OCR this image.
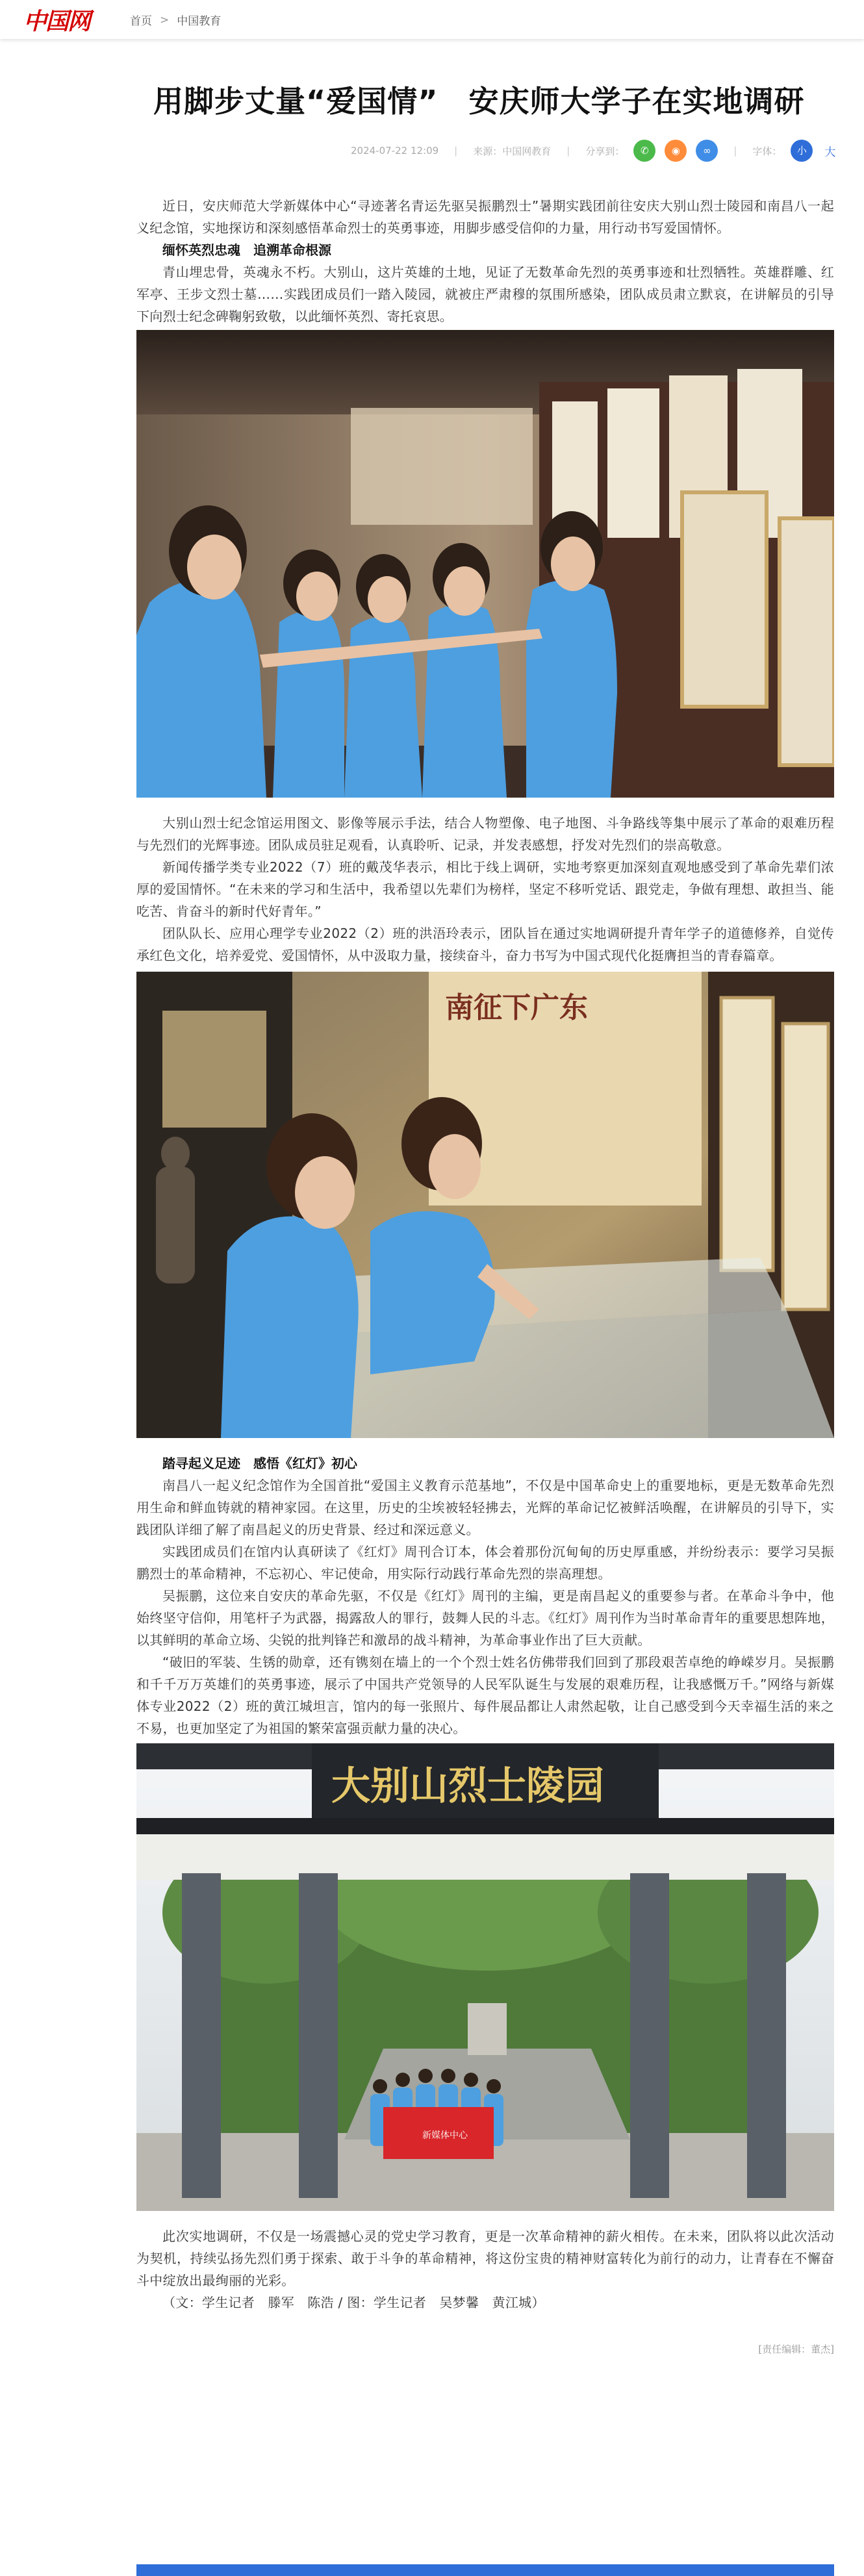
中国网	首页 > 中国教育
用脚步丈量“爱国情”　安庆师大学子在实地调研
2024-07-22 12:09 | 来源：中国网教育 | 分享到：	✆	◉	∞	| 字体：	小	大

近日，安庆师范大学新媒体中心“寻迹著名青运先驱吴振鹏烈士”暑期实践团前往安庆大别山烈士陵园和南昌八一起义纪念馆，实地探访和深刻感悟革命烈士的英勇事迹，用脚步感受信仰的力量，用行动书写爱国情怀。

缅怀英烈忠魂　追溯革命根源

青山埋忠骨，英魂永不朽。大别山，这片英雄的土地，见证了无数革命先烈的英勇事迹和壮烈牺牲。英雄群雕、红军亭、王步文烈士墓……实践团成员们一踏入陵园，就被庄严肃穆的氛围所感染，团队成员肃立默哀，在讲解员的引导下向烈士纪念碑鞠躬致敬，以此缅怀英烈、寄托哀思。

大别山烈士纪念馆运用图文、影像等展示手法，结合人物塑像、电子地图、斗争路线等集中展示了革命的艰难历程与先烈们的光辉事迹。团队成员驻足观看，认真聆听、记录，并发表感想，抒发对先烈们的崇高敬意。

新闻传播学类专业2022（7）班的戴茂华表示，相比于线上调研，实地考察更加深刻直观地感受到了革命先辈们浓厚的爱国情怀。“在未来的学习和生活中，我希望以先辈们为榜样，坚定不移听党话、跟党走，争做有理想、敢担当、能吃苦、肯奋斗的新时代好青年。”

团队队长、应用心理学专业2022（2）班的洪浯玲表示，团队旨在通过实地调研提升青年学子的道德修养，自觉传承红色文化，培养爱党、爱国情怀，从中汲取力量，接续奋斗，奋力书写为中国式现代化挺膺担当的青春篇章。

南征下广东

踏寻起义足迹　感悟《红灯》初心

南昌八一起义纪念馆作为全国首批“爱国主义教育示范基地”，不仅是中国革命史上的重要地标，更是无数革命先烈用生命和鲜血铸就的精神家园。在这里，历史的尘埃被轻轻拂去，光辉的革命记忆被鲜活唤醒，在讲解员的引导下，实践团队详细了解了南昌起义的历史背景、经过和深远意义。

实践团成员们在馆内认真研读了《红灯》周刊合订本，体会着那份沉甸甸的历史厚重感，并纷纷表示：要学习吴振鹏烈士的革命精神，不忘初心、牢记使命，用实际行动践行革命先烈的崇高理想。

吴振鹏，这位来自安庆的革命先驱，不仅是《红灯》周刊的主编，更是南昌起义的重要参与者。在革命斗争中，他始终坚守信仰，用笔杆子为武器，揭露敌人的罪行，鼓舞人民的斗志。《红灯》周刊作为当时革命青年的重要思想阵地，以其鲜明的革命立场、尖锐的批判锋芒和激昂的战斗精神，为革命事业作出了巨大贡献。

“破旧的军装、生锈的勋章，还有镌刻在墙上的一个个烈士姓名仿佛带我们回到了那段艰苦卓绝的峥嵘岁月。吴振鹏和千千万万英雄们的英勇事迹，展示了中国共产党领导的人民军队诞生与发展的艰难历程，让我感慨万千。”网络与新媒体专业2022（2）班的黄江城坦言，馆内的每一张照片、每件展品都让人肃然起敬，让自己感受到今天幸福生活的来之不易，也更加坚定了为祖国的繁荣富强贡献力量的决心。

大别山烈士陵园
新媒体中心

此次实地调研，不仅是一场震撼心灵的党史学习教育，更是一次革命精神的薪火相传。在未来，团队将以此次活动为契机，持续弘扬先烈们勇于探索、敢于斗争的革命精神，将这份宝贵的精神财富转化为前行的动力，让青春在不懈奋斗中绽放出最绚丽的光彩。

（文：学生记者　滕军　陈浩 / 图：学生记者　吴梦馨　黄江城）

[责任编辑：董杰]
